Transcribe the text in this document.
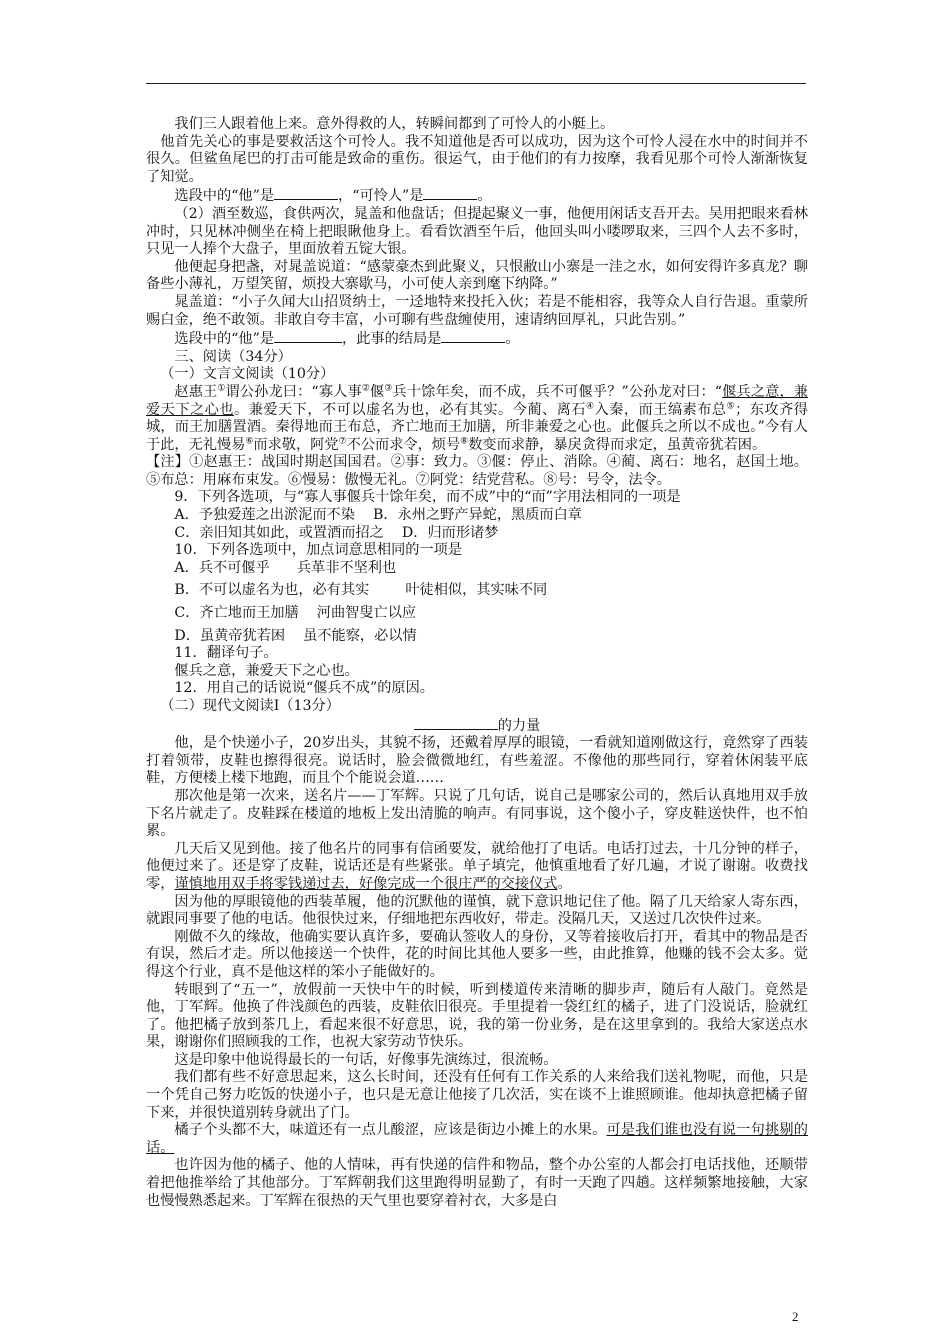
我们三人跟着他上来。意外得救的人，转瞬间都到了可怜人的小艇上。

他首先关心的事是要救活这个可怜人。我不知道他是否可以成功，因为这个可怜人浸在水中的时间并不很久。但鲨鱼尾巴的打击可能是致命的重伤。很运气，由于他们的有力按摩，我看见那个可怜人渐渐恢复了知觉。

选段中的“他”是	，“可怜人”是	。

（2）酒至数巡，食供两次，晁盖和他盘话；但提起聚义一事，他便用闲话支吾开去。吴用把眼来看林冲时，只见林冲侧坐在椅上把眼瞅他身上。看看饮酒至午后，他回头叫小喽啰取来，三四个人去不多时，只见一人捧个大盘子，里面放着五锭大银。

他便起身把盏，对晁盖说道：“感蒙豪杰到此聚义，只恨敝山小寨是一洼之水，如何安得许多真龙？聊备些小薄礼，万望笑留，烦投大寨歇马，小可使人亲到麾下纳降。”

晁盖道：“小子久闻大山招贤纳士，一迳地特来投托入伙；若是不能相容，我等众人自行告退。重蒙所赐白金，绝不敢领。非敢自夸丰富，小可聊有些盘缠使用，速请纳回厚礼，只此告别。”

选段中的“他”是	，此事的结局是	。

三、阅读（34分）

（一）文言文阅读（10分）

赵惠王①谓公孙龙曰：“寡人事②偃③兵十馀年矣，而不成，兵不可偃乎？”公孙龙对曰：“偃兵之意，兼爱天下之心也。兼爱天下，不可以虚名为也，必有其实。今蔺、离石④入秦，而王缟素布总⑤；东攻齐得城，而王加膳置酒。秦得地而王布总，齐亡地而王加膳，所非兼爱之心也。此偃兵之所以不成也。”今有人于此，无礼慢易⑥而求敬，阿党⑦不公而求令，烦号⑧数变而求静，暴戾贪得而求定，虽黄帝犹若困。

【注】①赵惠王：战国时期赵国国君。②事：致力。③偃：停止、消除。④蔺、离石：地名，赵国土地。⑤布总：用麻布束发。⑥慢易：傲慢无礼。⑦阿党：结党营私。⑧号：号令，法令。

9．下列各选项，与“寡人事偃兵十馀年矣，而不成”中的“而”字用法相同的一项是

A．予独爱莲之出淤泥而不染 B．永州之野产异蛇，黑质而白章

C．亲旧知其如此，或置酒而招之 D．归而形诸梦

10．下列各选项中，加点词意思相同的一项是

A．兵不可偃乎 兵革非不坚利也

B．不可以虚名为也，必有其实	叶徒相似，其实味不同

C．齐亡地而王加膳 河曲智叟亡以应

D．虽黄帝犹若困 虽不能察，必以情

11．翻译句子。

偃兵之意，兼爱天下之心也。

12．用自己的话说说“偃兵不成”的原因。

（二）现代文阅读Ⅰ（13分）

的力量

他，是个快递小子，20岁出头，其貌不扬，还戴着厚厚的眼镜，一看就知道刚做这行，竟然穿了西装打着领带，皮鞋也擦得很亮。说话时，脸会微微地红，有些羞涩。不像他的那些同行，穿着休闲装平底鞋，方便楼上楼下地跑，而且个个能说会道……

那次他是第一次来，送名片——丁军辉。只说了几句话，说自己是哪家公司的，然后认真地用双手放下名片就走了。皮鞋踩在楼道的地板上发出清脆的响声。有同事说，这个傻小子，穿皮鞋送快件，也不怕累。

几天后又见到他。接了他名片的同事有信函要发，就给他打了电话。电话打过去，十几分钟的样子，他便过来了。还是穿了皮鞋，说话还是有些紧张。单子填完，他慎重地看了好几遍，才说了谢谢。收费找零，谨慎地用双手将零钱递过去，好像完成一个很庄严的交接仪式。

因为他的厚眼镜他的西装革履，他的沉默他的谨慎，就下意识地记住了他。隔了几天给家人寄东西，就跟同事要了他的电话。他很快过来，仔细地把东西收好，带走。没隔几天，又送过几次快件过来。

刚做不久的缘故，他确实要认真许多，要确认签收人的身份，又等着接收后打开，看其中的物品是否有误，然后才走。所以他接送一个快件，花的时间比其他人要多一些，由此推算，他赚的钱不会太多。觉得这个行业，真不是他这样的笨小子能做好的。

转眼到了“五一”，放假前一天快中午的时候，听到楼道传来清晰的脚步声，随后有人敲门。竟然是他，丁军辉。他换了件浅颜色的西装，皮鞋依旧很亮。手里提着一袋红红的橘子，进了门没说话，脸就红了。他把橘子放到茶几上，看起来很不好意思，说，我的第一份业务，是在这里拿到的。我给大家送点水果，谢谢你们照顾我的工作，也祝大家劳动节快乐。

这是印象中他说得最长的一句话，好像事先演练过，很流畅。

我们都有些不好意思起来，这么长时间，还没有任何有工作关系的人来给我们送礼物呢，而他，只是一个凭自己努力吃饭的快递小子，也只是无意让他接了几次活，实在谈不上谁照顾谁。他却执意把橘子留下来，并很快道别转身就出了门。

橘子个头都不大，味道还有一点儿酸涩，应该是街边小摊上的水果。可是我们谁也没有说一句挑剔的话。

也许因为他的橘子、他的人情味，再有快递的信件和物品，整个办公室的人都会打电话找他，还顺带着把他推举给了其他部分。丁军辉朝我们这里跑得明显勤了，有时一天跑了四趟。这样频繁地接触，大家也慢慢熟悉起来。丁军辉在很热的天气里也要穿着衬衣，大多是白

2
